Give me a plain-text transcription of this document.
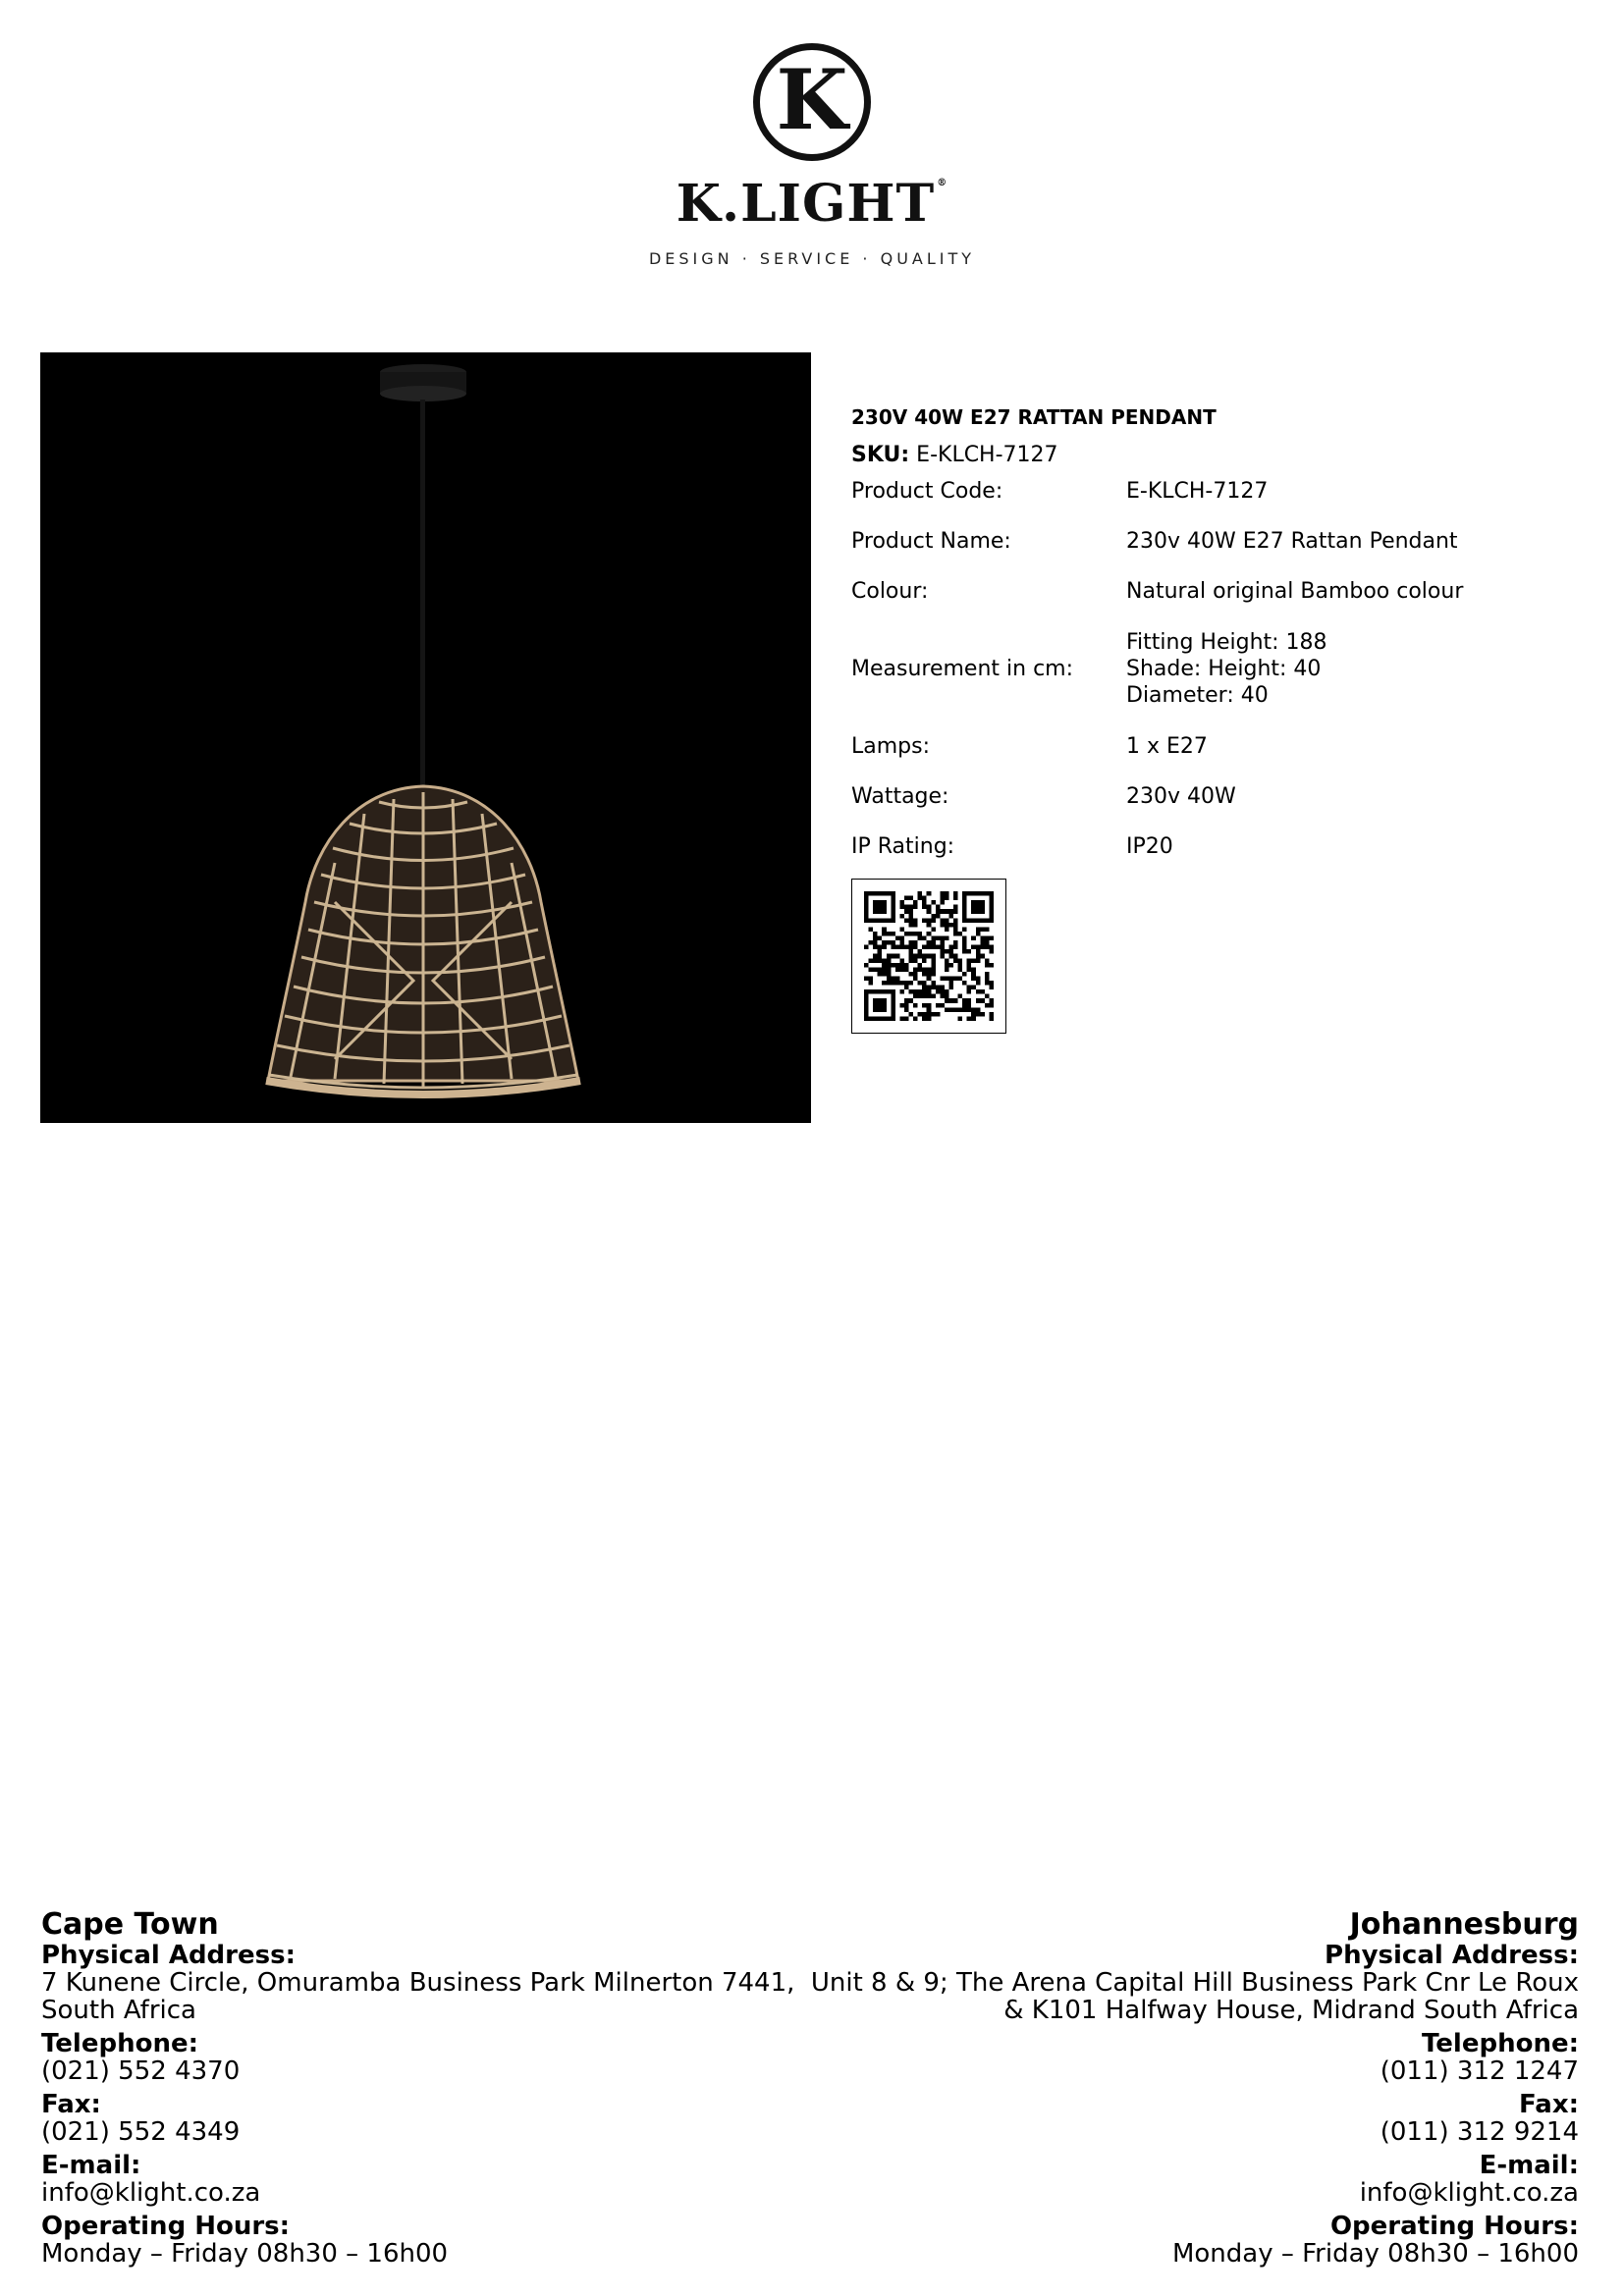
K
K.LIGHT ®
DESIGN · SERVICE · QUALITY
230V 40W E27 RATTAN PENDANT
SKU: E-KLCH-7127
Product Code:	E-KLCH-7127
Product Name:	230v 40W E27 Rattan Pendant
Colour:	Natural original Bamboo colour
Measurement in cm:
Fitting Height: 188
Shade: Height: 40
Diameter: 40
Lamps:	1 x E27
Wattage:	230v 40W
IP Rating:	IP20
Cape Town
Physical Address:
7 Kunene Circle, Omuramba Business Park Milnerton 7441,
South Africa
Telephone:
(021) 552 4370
Fax:
(021) 552 4349
E-mail:
info@klight.co.za
Operating Hours:
Monday – Friday 08h30 – 16h00
Johannesburg
Physical Address:
Unit 8 & 9; The Arena Capital Hill Business Park Cnr Le Roux
& K101 Halfway House, Midrand South Africa
Telephone:
(011) 312 1247
Fax:
(011) 312 9214
E-mail:
info@klight.co.za
Operating Hours:
Monday – Friday 08h30 – 16h00
